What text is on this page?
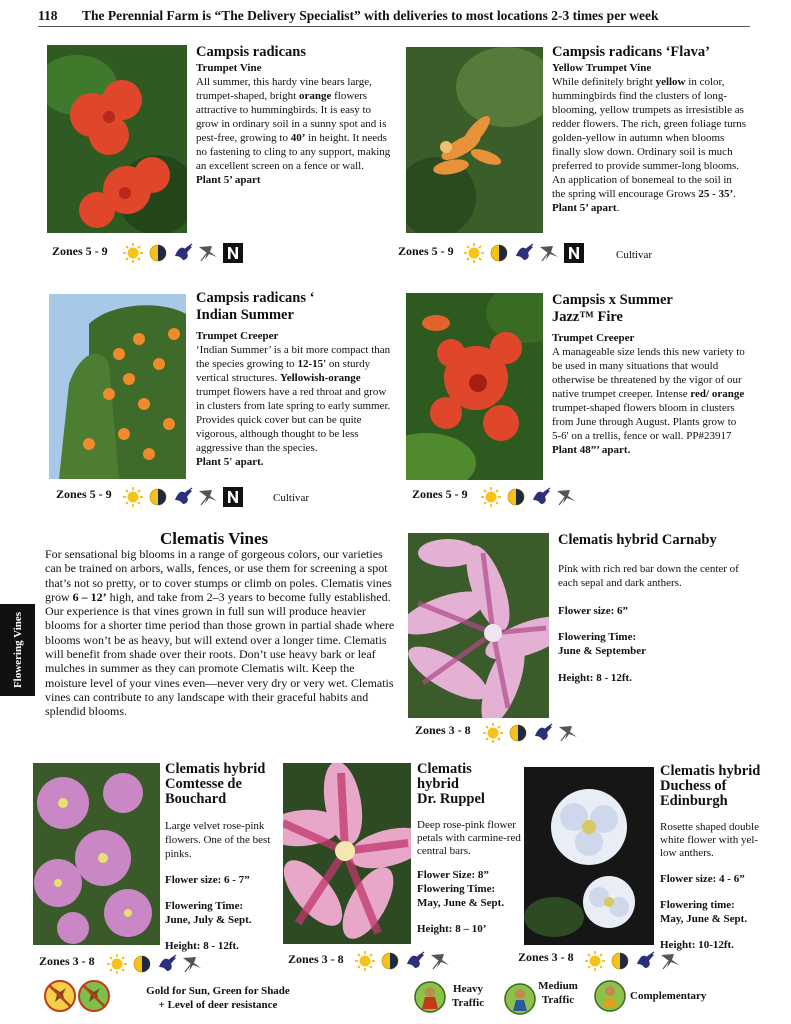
118 The Perennial Farm is “The Delivery Specialist” with deliveries to most locations 2-3 times per week
Campsis radicans
Trumpet Vine
All summer, this hardy vine bears large, trumpet-shaped, bright orange flowers attractive to hummingbirds. It is easy to grow in ordinary soil in a sunny spot and is pest-free, growing to 40’ in height. It needs no fastening to cling to any support, making an excellent screen on a fence or wall.
Plant 5’ apart
Zones 5 - 9
Campsis radicans ‘Flava’
Yellow Trumpet Vine
While definitely bright yellow in color, hummingbirds find the clusters of long-blooming, yellow trumpets as irresistible as redder flowers. The rich, green foliage turns golden-yellow in autumn when blooms finally slow down. Ordinary soil is much preferred to provide summer-long blooms. An application of bonemeal to the soil in the spring will encourage Grows 25 - 35’.
Plant 5’ apart.
Zones 5 - 9	Cultivar
Campsis radicans ‘
Indian Summer
Trumpet Creeper
‘Indian Summer’ is a bit more compact than the species growing to 12-15' on sturdy vertical structures. Yellowish-orange trumpet flowers have a red throat and grow in clusters from late spring to early summer. Provides quick cover but can be quite vigorous, although thought to be less aggressive than the species.
Plant 5' apart.
Zones 5 - 9	Cultivar
Campsis x Summer
Jazz™ Fire
Trumpet Creeper
A manageable size lends this new variety to be used in many situations that would otherwise be threatened by the vigor of our native trumpet creeper. Intense red/ orange trumpet-shaped flowers bloom in clusters from June through August. Plants grow to 5-6' on a trellis, fence or wall. PP#23917
Plant 48”’ apart.
Zones 5 - 9
Clematis Vines
For sensational big blooms in a range of gorgeous colors, our varieties can be trained on arbors, walls, fences, or use them for screening a spot that’s not so pretty, or to cover stumps or climb on poles. Clematis vines grow 6 – 12’ high, and take from 2–3 years to become fully established. Our experience is that vines grown in full sun will produce heavier blooms for a shorter time period than those grown in partial shade where blooms won’t be as heavy, but will extend over a longer time. Clematis will benefit from shade over their roots. Don’t use heavy bark or leaf mulches in summer as they can promote Clematis wilt. Keep the moisture level of your vines even—never very dry or very wet. Clematis vines can contribute to any landscape with their graceful habits and splendid blooms.
Flowering Vines
Clematis hybrid Carnaby
Pink with rich red bar down the center of each sepal and dark anthers.
Flower size: 6”
Flowering Time:
June & September
Height: 8 - 12ft.
Zones 3 - 8
Clematis hybrid
Comtesse de
Bouchard
Large velvet rose-pink flowers. One of the best pinks.
Flower size: 6 - 7”
Flowering Time:
June, July & Sept.
Height: 8 - 12ft.
Zones 3 - 8
Clematis
hybrid
Dr. Ruppel
Deep rose-pink flower petals with carmine-red central bars.
Flower Size: 8”
Flowering Time:
May, June & Sept.
Height: 8 – 10’
Zones 3 - 8
Clematis hybrid
Duchess of
Edinburgh
Rosette shaped double white flower with yel-low anthers.
Flower size: 4 - 6”
Flowering time:
May, June & Sept.
Height: 10-12ft.
Zones 3 - 8
Gold for Sun, Green for Shade
+ Level of deer resistance
Heavy
Traffic
Medium
Traffic	Complementary
